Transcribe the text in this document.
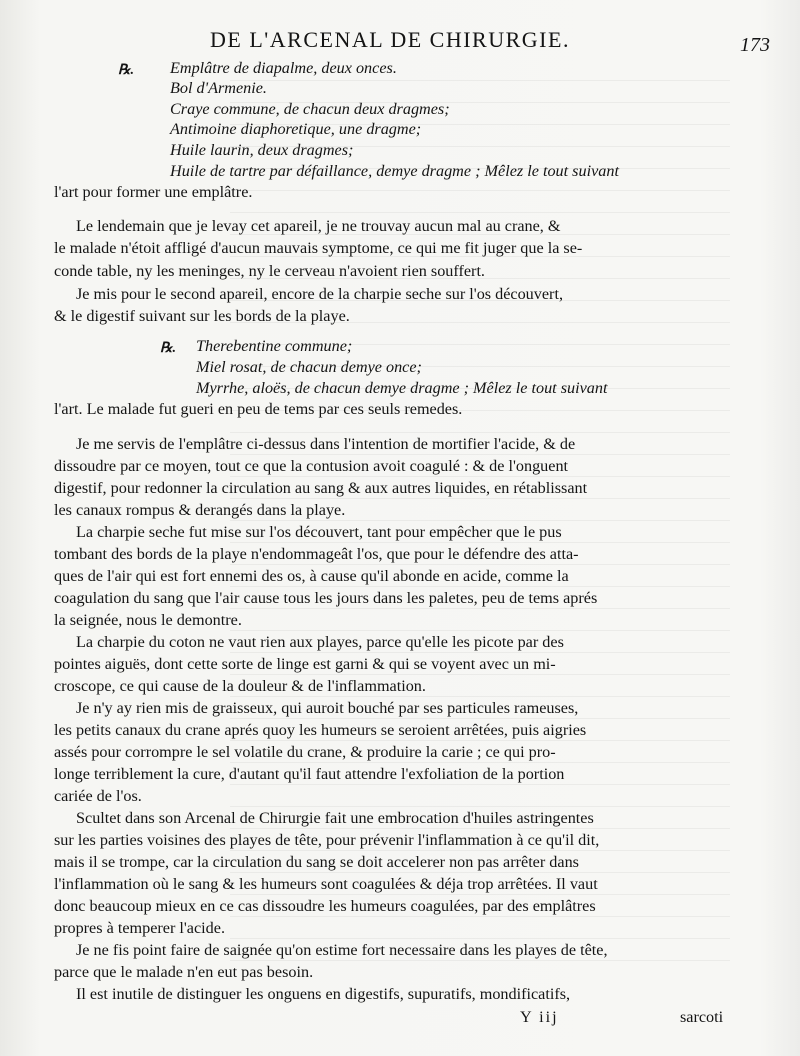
DE L'ARCENAL DE CHIRURGIE.	173
℞.
℞.
Emplâtre de diapalme, deux onces.
Bol d'Armenie.
Craye commune, de chacun deux dragmes;
Antimoine diaphoretique, une dragme;
Huile laurin, deux dragmes;
Huile de tartre par défaillance, demye dragme ; Mêlez le tout suivant
l'art pour former une emplâtre.
Le lendemain que je levay cet apareil, je ne trouvay aucun mal au crane, &
le malade n'étoit affligé d'aucun mauvais symptome, ce qui me fit juger que la se-
conde table, ny les meninges, ny le cerveau n'avoient rien souffert.
Je mis pour le second apareil, encore de la charpie seche sur l'os découvert,
& le digestif suivant sur les bords de la playe.
Therebentine commune;
Miel rosat, de chacun demye once;
Myrrhe, aloës, de chacun demye dragme ; Mêlez le tout suivant
l'art. Le malade fut gueri en peu de tems par ces seuls remedes.
Je me servis de l'emplâtre ci-dessus dans l'intention de mortifier l'acide, & de
dissoudre par ce moyen, tout ce que la contusion avoit coagulé : & de l'onguent
digestif, pour redonner la circulation au sang & aux autres liquides, en rétablissant
les canaux rompus & derangés dans la playe.
La charpie seche fut mise sur l'os découvert, tant pour empêcher que le pus
tombant des bords de la playe n'endommageât l'os, que pour le défendre des atta-
ques de l'air qui est fort ennemi des os, à cause qu'il abonde en acide, comme la
coagulation du sang que l'air cause tous les jours dans les paletes, peu de tems aprés
la seignée, nous le demontre.
La charpie du coton ne vaut rien aux playes, parce qu'elle les picote par des
pointes aiguës, dont cette sorte de linge est garni & qui se voyent avec un mi-
croscope, ce qui cause de la douleur & de l'inflammation.
Je n'y ay rien mis de graisseux, qui auroit bouché par ses particules rameuses,
les petits canaux du crane aprés quoy les humeurs se seroient arrêtées, puis aigries
assés pour corrompre le sel volatile du crane, & produire la carie ; ce qui pro-
longe terriblement la cure, d'autant qu'il faut attendre l'exfoliation de la portion
cariée de l'os.
Scultet dans son Arcenal de Chirurgie fait une embrocation d'huiles astringentes
sur les parties voisines des playes de tête, pour prévenir l'inflammation à ce qu'il dit,
mais il se trompe, car la circulation du sang se doit accelerer non pas arrêter dans
l'inflammation où le sang & les humeurs sont coagulées & déja trop arrêtées. Il vaut
donc beaucoup mieux en ce cas dissoudre les humeurs coagulées, par des emplâtres
propres à temperer l'acide.
Je ne fis point faire de saignée qu'on estime fort necessaire dans les playes de tête,
parce que le malade n'en eut pas besoin.
Il est inutile de distinguer les onguens en digestifs, supuratifs, mondificatifs,
Y iij	sarcoti
